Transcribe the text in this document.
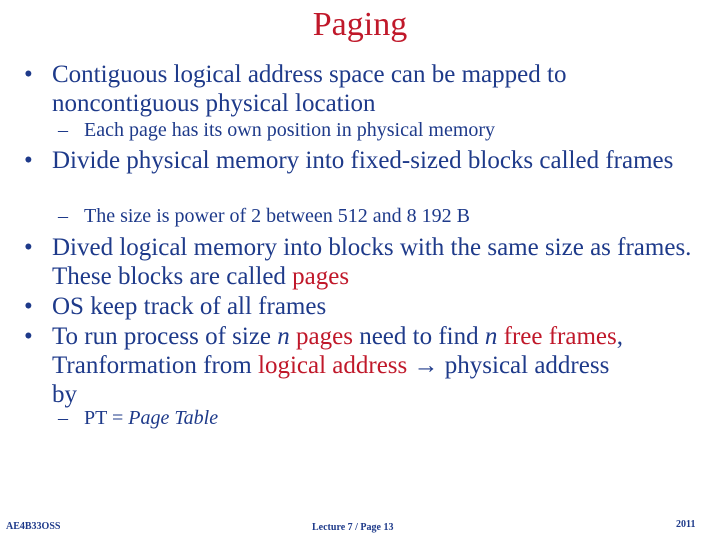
Paging
• Contiguous logical address space can be mapped to noncontiguous physical location
– Each page has its own position in physical memory
• Divide physical memory into fixed-sized blocks called frames
– The size is power of 2 between 512 and 8 192 B
• Dived logical memory into blocks with the same size as frames. These blocks are called pages
• OS keep track of all frames
• To run process of size n pages need to find n free frames,
Tranformation from logical address → physical address
by
– PT = Page Table
AE4B33OSS	Lecture 7 / Page 13	2011
